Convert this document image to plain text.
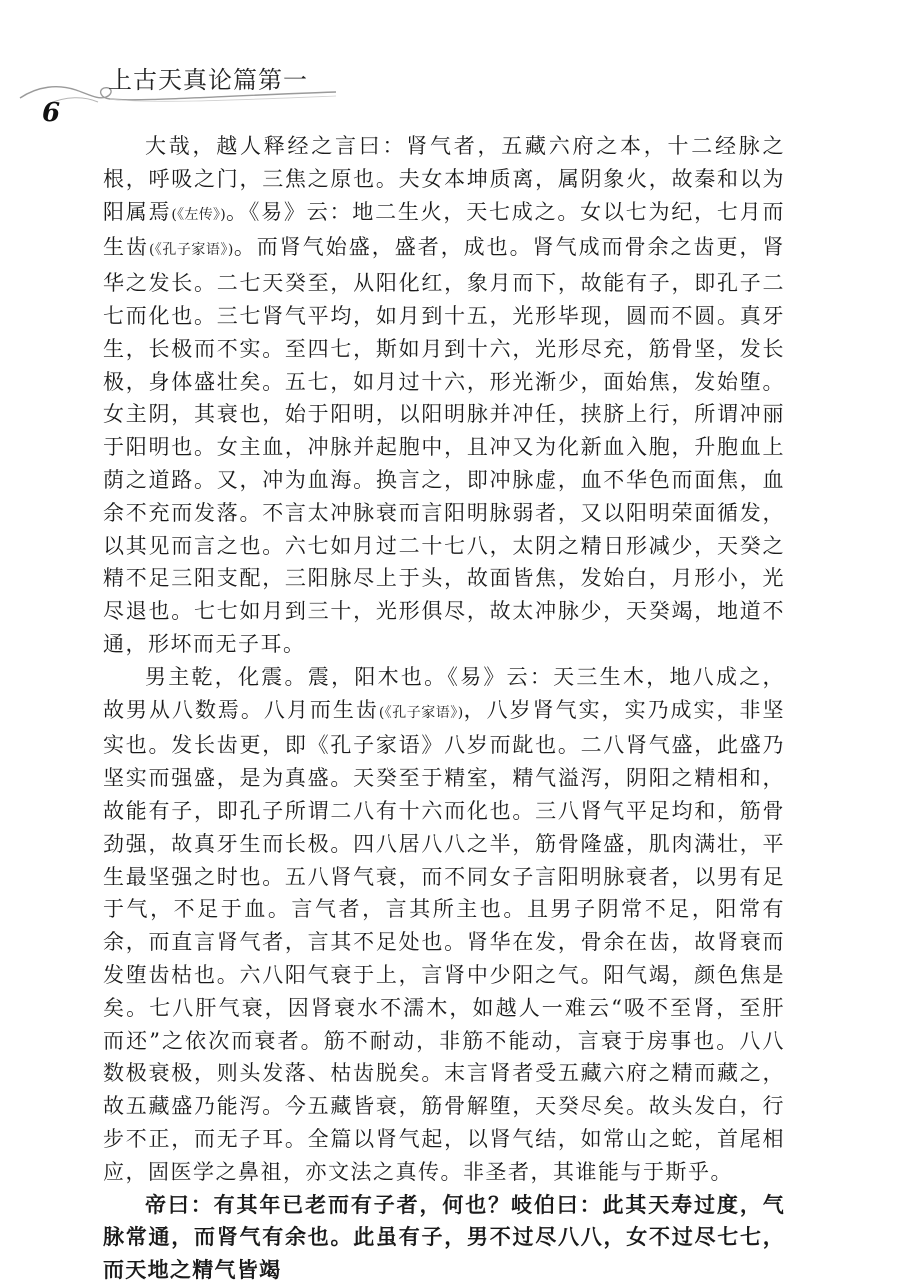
上古天真论篇第一
6

大哉，越人释经之言曰：肾气者，五藏六府之本，十二经脉之根，呼吸之门，三焦之原也。夫女本坤质离，属阴象火，故秦和以为阳属焉(《左传》)。《易》云：地二生火，天七成之。女以七为纪，七月而生齿(《孔子家语》)。而肾气始盛，盛者，成也。肾气成而骨余之齿更，肾华之发长。二七天癸至，从阳化红，象月而下，故能有子，即孔子二七而化也。三七肾气平均，如月到十五，光形毕现，圆而不圆。真牙生，长极而不实。至四七，斯如月到十六，光形尽充，筋骨坚，发长极，身体盛壮矣。五七，如月过十六，形光渐少，面始焦，发始堕。女主阴，其衰也，始于阳明，以阳明脉并冲任，挟脐上行，所谓冲丽于阳明也。女主血，冲脉并起胞中，且冲又为化新血入胞，升胞血上荫之道路。又，冲为血海。换言之，即冲脉虚，血不华色而面焦，血余不充而发落。不言太冲脉衰而言阳明脉弱者，又以阳明荣面循发，以其见而言之也。六七如月过二十七八，太阴之精日形减少，天癸之精不足三阳支配，三阳脉尽上于头，故面皆焦，发始白，月形小，光尽退也。七七如月到三十，光形俱尽，故太冲脉少，天癸竭，地道不通，形坏而无子耳。

男主乾，化震。震，阳木也。《易》云：天三生木，地八成之，故男从八数焉。八月而生齿(《孔子家语》)，八岁肾气实，实乃成实，非坚实也。发长齿更，即《孔子家语》八岁而龀也。二八肾气盛，此盛乃坚实而强盛，是为真盛。天癸至于精室，精气溢泻，阴阳之精相和，故能有子，即孔子所谓二八有十六而化也。三八肾气平足均和，筋骨劲强，故真牙生而长极。四八居八八之半，筋骨隆盛，肌肉满壮，平生最坚强之时也。五八肾气衰，而不同女子言阳明脉衰者，以男有足于气，不足于血。言气者，言其所主也。且男子阴常不足，阳常有余，而直言肾气者，言其不足处也。肾华在发，骨余在齿，故肾衰而发堕齿枯也。六八阳气衰于上，言肾中少阳之气。阳气竭，颜色焦是矣。七八肝气衰，因肾衰水不濡木，如越人一难云“吸不至肾，至肝而还”之依次而衰者。筋不耐动，非筋不能动，言衰于房事也。八八数极衰极，则头发落、枯齿脱矣。末言肾者受五藏六府之精而藏之，故五藏盛乃能泻。今五藏皆衰，筋骨解堕，天癸尽矣。故头发白，行步不正，而无子耳。全篇以肾气起，以肾气结，如常山之蛇，首尾相应，固医学之鼻祖，亦文法之真传。非圣者，其谁能与于斯乎。

帝曰：有其年已老而有子者，何也？岐伯曰：此其天寿过度，气脉常通，而肾气有余也。此虽有子，男不过尽八八，女不过尽七七，而天地之精气皆竭
